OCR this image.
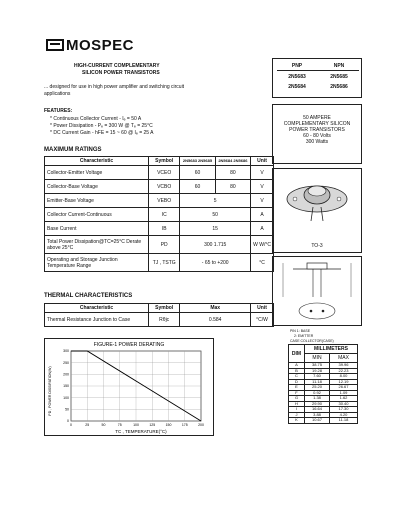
MOSPEC
HIGH-CURRENT COMPLEMENTARY
SILICON POWER TRANSISTORS
... designed for use in high power amplifier and switching circuit
applications
FEATURES:
* Continuous Collector Current - Iₑ = 50 A
* Power Dissipation - Pₑ = 300 W @ Tₑ = 25°C
* DC Current Gain - hFE = 15 ~ 60 @ Iₑ = 25 A
PNP	NPN
2N5683	2N5685
2N5684	2N5686
50 AMPERE
COMPLEMENTARY SILICON
POWER TRANSISTORS
60 - 80 Volts
300 Watts
TO-3
MAXIMUM RATINGS
Characteristic	Symbol	2N5683 2N5685	2N5684 2N5686	Unit
Collector-Emitter Voltage	VCEO	60	80	V
Collector-Base Voltage	VCBO	60	80	V
Emitter-Base Voltage	VEBO	5		V
Collector Current-Continuous	IC	50		A
Base Current	IB	15		A
Total Power Dissipation@TC=25°C Derate above 25°C	PD	300 1.715		W W/°C
Operating and Storage Junction Temperature Range	TJ , TSTG	- 65 to +200		°C
THERMAL CHARACTERISTICS
Characteristic	Symbol	Max	Unit
Thermal Resistance Junction to Case	Rθjc	0.584	°C/W
FIGURE-1 POWER DERATING
TC , TEMPERATURE(°C)
PD , POWER DISSIPATION(W)
0	25	50	75	100	125	150	175	200
0
50
100
150
200
250
300
PIN 1: BASE
2: EMITTER
CASE COLLECTOR(CASE)
DIM	MILLIMETERS	
	MIN	MAX
A	38.75	39.96
B	19.28	22.23
C	7.60	8.00
D	11.18	12.19
E	25.20	26.67
F	0.92	1.09
G	1.38	1.62
H	29.90	30.40
I	16.64	17.30
J	3.88	4.20
K	10.67	11.18
